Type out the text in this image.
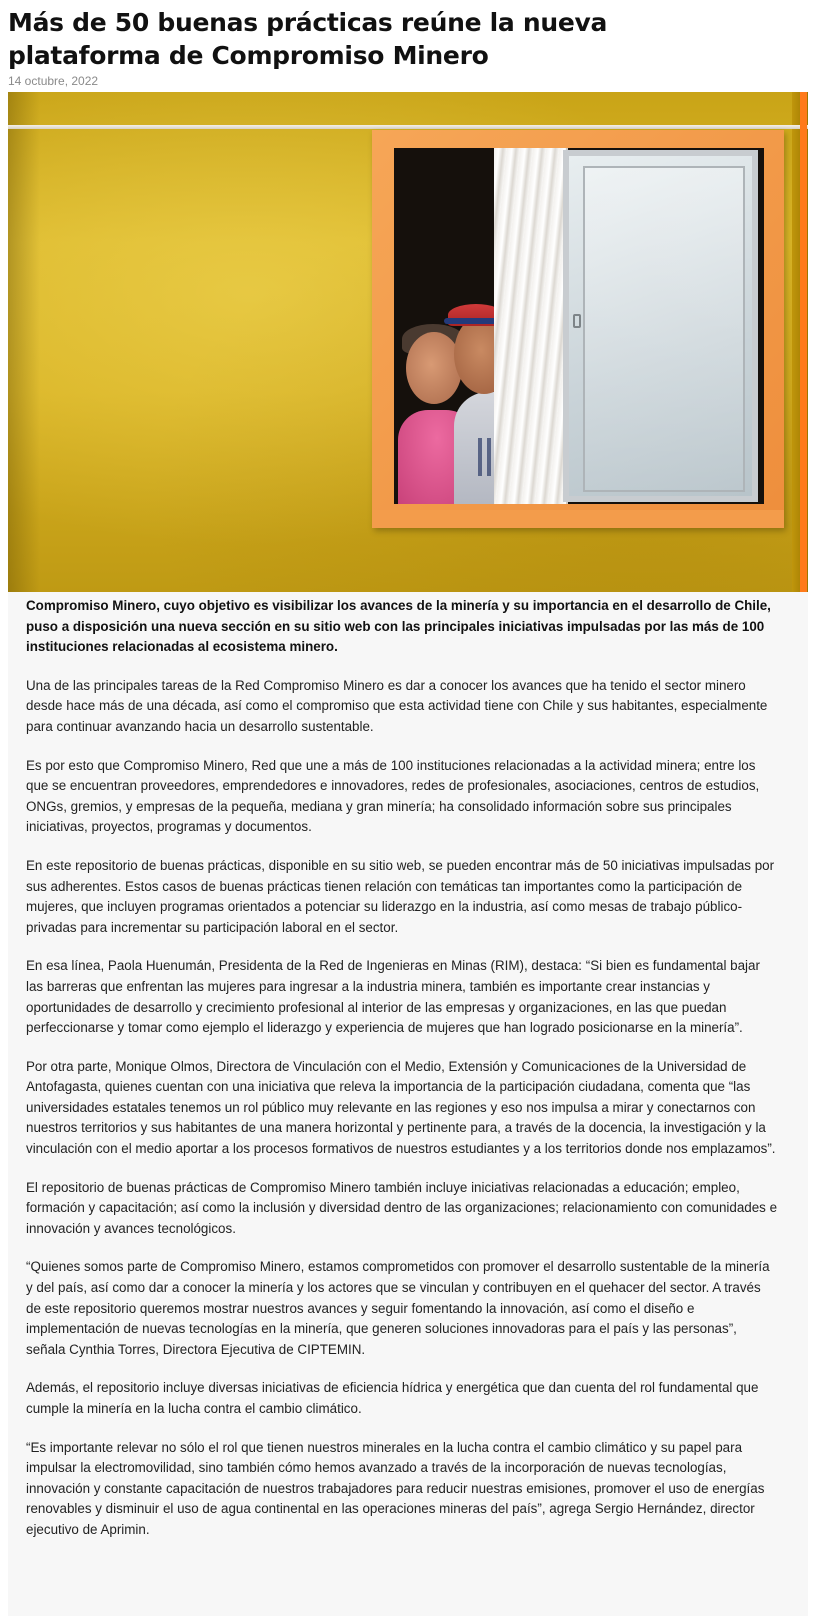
Más de 50 buenas prácticas reúne la nueva plataforma de Compromiso Minero
14 octubre, 2022

Compromiso Minero, cuyo objetivo es visibilizar los avances de la minería y su importancia en el desarrollo de Chile, puso a disposición una nueva sección en su sitio web con las principales iniciativas impulsadas por las más de 100 instituciones relacionadas al ecosistema minero.

Una de las principales tareas de la Red Compromiso Minero es dar a conocer los avances que ha tenido el sector minero desde hace más de una década, así como el compromiso que esta actividad tiene con Chile y sus habitantes, especialmente para continuar avanzando hacia un desarrollo sustentable.

Es por esto que Compromiso Minero, Red que une a más de 100 instituciones relacionadas a la actividad minera; entre los que se encuentran proveedores, emprendedores e innovadores, redes de profesionales, asociaciones, centros de estudios, ONGs, gremios, y empresas de la pequeña, mediana y gran minería; ha consolidado información sobre sus principales iniciativas, proyectos, programas y documentos.

En este repositorio de buenas prácticas, disponible en su sitio web, se pueden encontrar más de 50 iniciativas impulsadas por sus adherentes. Estos casos de buenas prácticas tienen relación con temáticas tan importantes como la participación de mujeres, que incluyen programas orientados a potenciar su liderazgo en la industria, así como mesas de trabajo público-privadas para incrementar su participación laboral en el sector.

En esa línea, Paola Huenumán, Presidenta de la Red de Ingenieras en Minas (RIM), destaca: “Si bien es fundamental bajar las barreras que enfrentan las mujeres para ingresar a la industria minera, también es importante crear instancias y oportunidades de desarrollo y crecimiento profesional al interior de las empresas y organizaciones, en las que puedan perfeccionarse y tomar como ejemplo el liderazgo y experiencia de mujeres que han logrado posicionarse en la minería”.

Por otra parte, Monique Olmos, Directora de Vinculación con el Medio, Extensión y Comunicaciones de la Universidad de Antofagasta, quienes cuentan con una iniciativa que releva la importancia de la participación ciudadana, comenta que “las universidades estatales tenemos un rol público muy relevante en las regiones y eso nos impulsa a mirar y conectarnos con nuestros territorios y sus habitantes de una manera horizontal y pertinente para, a través de la docencia, la investigación y la vinculación con el medio aportar a los procesos formativos de nuestros estudiantes y a los territorios donde nos emplazamos”.

El repositorio de buenas prácticas de Compromiso Minero también incluye iniciativas relacionadas a educación; empleo, formación y capacitación; así como la inclusión y diversidad dentro de las organizaciones; relacionamiento con comunidades e innovación y avances tecnológicos.

“Quienes somos parte de Compromiso Minero, estamos comprometidos con promover el desarrollo sustentable de la minería y del país, así como dar a conocer la minería y los actores que se vinculan y contribuyen en el quehacer del sector. A través de este repositorio queremos mostrar nuestros avances y seguir fomentando la innovación, así como el diseño e implementación de nuevas tecnologías en la minería, que generen soluciones innovadoras para el país y las personas”, señala Cynthia Torres, Directora Ejecutiva de CIPTEMIN.

Además, el repositorio incluye diversas iniciativas de eficiencia hídrica y energética que dan cuenta del rol fundamental que cumple la minería en la lucha contra el cambio climático.

“Es importante relevar no sólo el rol que tienen nuestros minerales en la lucha contra el cambio climático y su papel para impulsar la electromovilidad, sino también cómo hemos avanzado a través de la incorporación de nuevas tecnologías, innovación y constante capacitación de nuestros trabajadores para reducir nuestras emisiones, promover el uso de energías renovables y disminuir el uso de agua continental en las operaciones mineras del país”, agrega Sergio Hernández, director ejecutivo de Aprimin.
